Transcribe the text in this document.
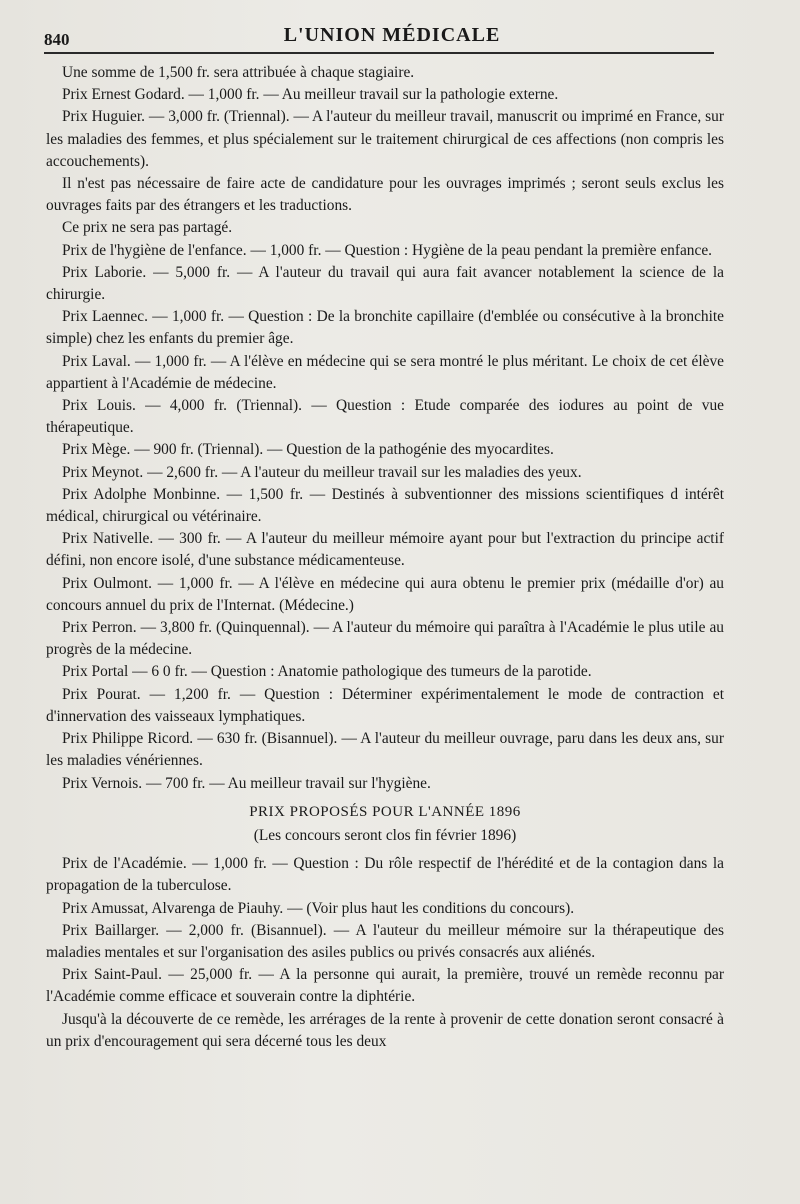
840	L'UNION MÉDICALE

Une somme de 1,500 fr. sera attribuée à chaque stagiaire.

Prix Ernest Godard. — 1,000 fr. — Au meilleur travail sur la pathologie externe.

Prix Huguier. — 3,000 fr. (Triennal). — A l'auteur du meilleur travail, manuscrit ou imprimé en France, sur les maladies des femmes, et plus spécialement sur le traitement chirurgical de ces affections (non compris les accouchements).

Il n'est pas nécessaire de faire acte de candidature pour les ouvrages imprimés ; seront seuls exclus les ouvrages faits par des étrangers et les traductions.

Ce prix ne sera pas partagé.

Prix de l'hygiène de l'enfance. — 1,000 fr. — Question : Hygiène de la peau pendant la première enfance.

Prix Laborie. — 5,000 fr. — A l'auteur du travail qui aura fait avancer notablement la science de la chirurgie.

Prix Laennec. — 1,000 fr. — Question : De la bronchite capillaire (d'emblée ou consécutive à la bronchite simple) chez les enfants du premier âge.

Prix Laval. — 1,000 fr. — A l'élève en médecine qui se sera montré le plus méritant. Le choix de cet élève appartient à l'Académie de médecine.

Prix Louis. — 4,000 fr. (Triennal). — Question : Etude comparée des iodures au point de vue thérapeutique.

Prix Mège. — 900 fr. (Triennal). — Question de la pathogénie des myocardites.

Prix Meynot. — 2,600 fr. — A l'auteur du meilleur travail sur les maladies des yeux.

Prix Adolphe Monbinne. — 1,500 fr. — Destinés à subventionner des missions scientifiques d intérêt médical, chirurgical ou vétérinaire.

Prix Nativelle. — 300 fr. — A l'auteur du meilleur mémoire ayant pour but l'extraction du principe actif défini, non encore isolé, d'une substance médicamenteuse.

Prix Oulmont. — 1,000 fr. — A l'élève en médecine qui aura obtenu le premier prix (médaille d'or) au concours annuel du prix de l'Internat. (Médecine.)

Prix Perron. — 3,800 fr. (Quinquennal). — A l'auteur du mémoire qui paraîtra à l'Académie le plus utile au progrès de la médecine.

Prix Portal — 6 0 fr. — Question : Anatomie pathologique des tumeurs de la parotide.

Prix Pourat. — 1,200 fr. — Question : Déterminer expérimentalement le mode de contraction et d'innervation des vaisseaux lymphatiques.

Prix Philippe Ricord. — 630 fr. (Bisannuel). — A l'auteur du meilleur ouvrage, paru dans les deux ans, sur les maladies vénériennes.

Prix Vernois. — 700 fr. — Au meilleur travail sur l'hygiène.

PRIX PROPOSÉS POUR L'ANNÉE 1896

(Les concours seront clos fin février 1896)

Prix de l'Académie. — 1,000 fr. — Question : Du rôle respectif de l'hérédité et de la contagion dans la propagation de la tuberculose.

Prix Amussat, Alvarenga de Piauhy. — (Voir plus haut les conditions du concours).

Prix Baillarger. — 2,000 fr. (Bisannuel). — A l'auteur du meilleur mémoire sur la thérapeutique des maladies mentales et sur l'organisation des asiles publics ou privés consacrés aux aliénés.

Prix Saint-Paul. — 25,000 fr. — A la personne qui aurait, la première, trouvé un remède reconnu par l'Académie comme efficace et souverain contre la diphtérie.

Jusqu'à la découverte de ce remède, les arrérages de la rente à provenir de cette donation seront consacré à un prix d'encouragement qui sera décerné tous les deux
